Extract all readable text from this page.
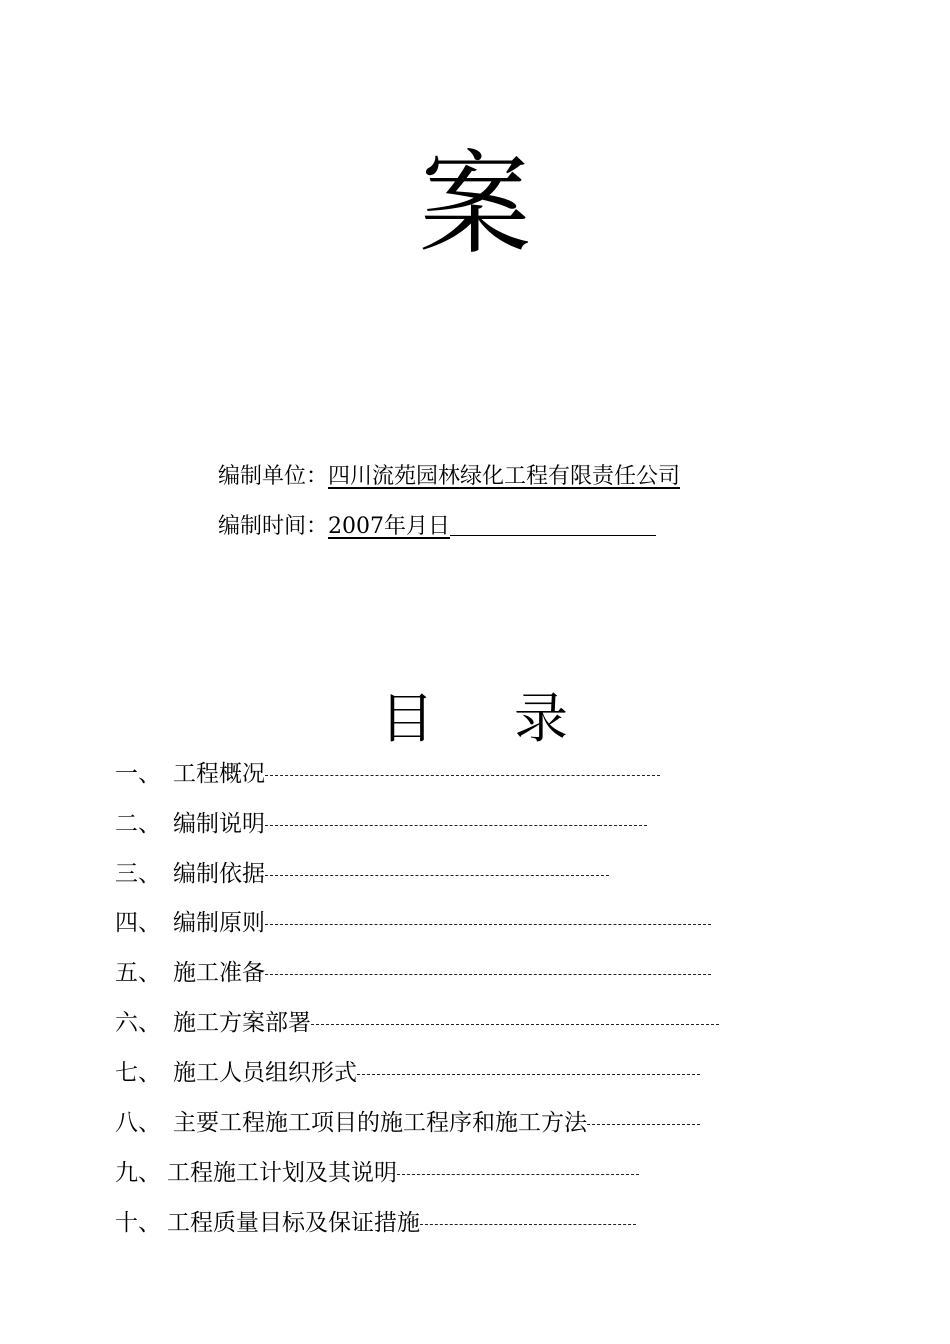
案
编制单位：四川流苑园林绿化工程有限责任公司
编制时间：2007年月日
目 录
一、 工程概况
二、 编制说明
三、 编制依据
四、 编制原则
五、 施工准备
六、 施工方案部署
七、 施工人员组织形式
八、 主要工程施工项目的施工程序和施工方法
九、 工程施工计划及其说明
十、 工程质量目标及保证措施
